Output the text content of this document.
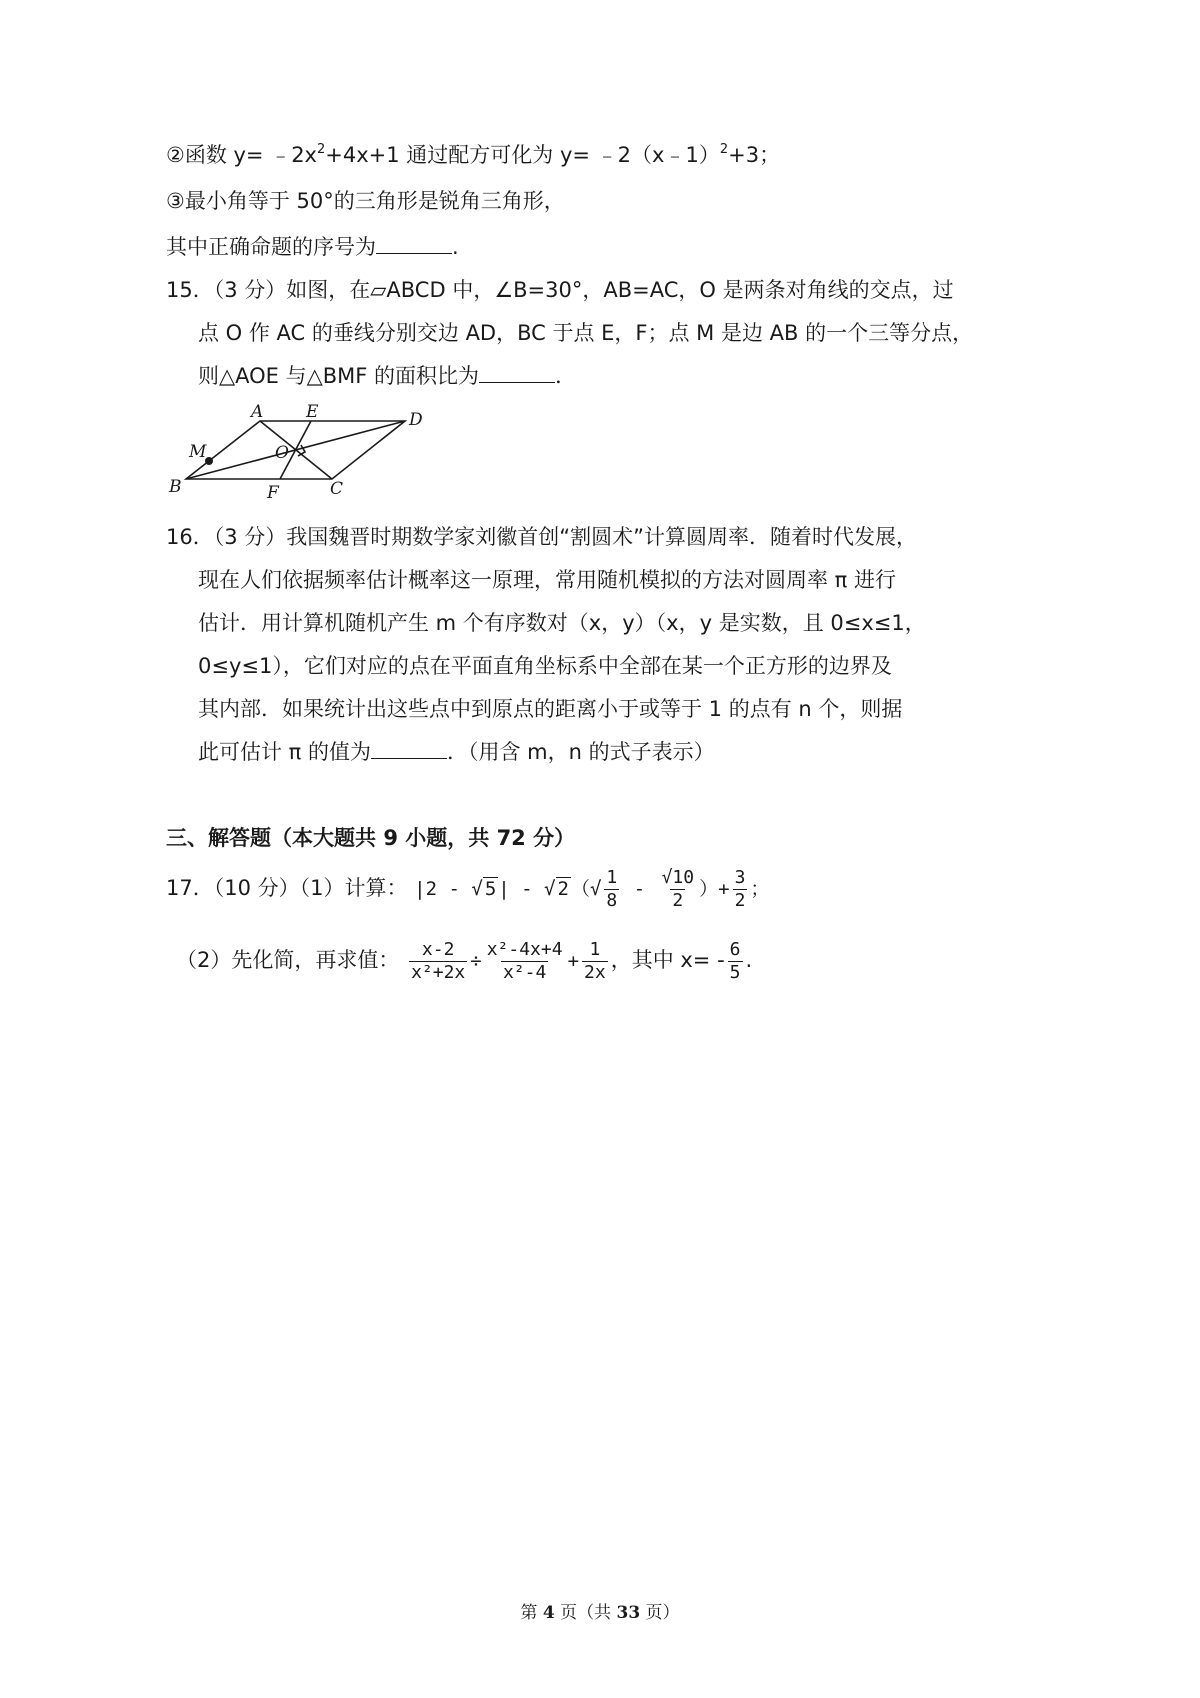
②函数 $y= ﹣2x^2+4x+1$ 通过配方可化为 y= ﹣2（x﹣1）$^2$+3；
③最小角等于 50°的三角形是锐角三角形，
其中正确命题的序号为	.
15．（3 分）如图，在▱ABCD 中，∠B=30°，AB=AC，O 是两条对角线的交点，过
点 O 作 AC 的垂线分别交边 AD，BC 于点 E，F；点 M 是边 AB 的一个三等分点，
则△AOE 与△BMF 的面积比为	．
A	E	D
M	O
B	F	C
16．（3 分）我国魏晋时期数学家刘徽首创“割圆术”计算圆周率．随着时代发展，
现在人们依据频率估计概率这一原理，常用随机模拟的方法对圆周率 π 进行
估计．用计算机随机产生 m 个有序数对（x，y）（x，y 是实数，且 0≤x≤1，
0≤y≤1），它们对应的点在平面直角坐标系中全部在某一个正方形的边界及
其内部．如果统计出这些点中到原点的距离小于或等于 1 的点有 n 个，则据
此可估计 π 的值为	．（用含 m，n 的式子表示）
三、解答题（本大题共 9 小题，共 72 分）
17．（10 分）（1）计算： |2 - √ 5 | - √ 2 （√ $\frac{1}{8} - \frac{√10}{2}$ ）+ $\frac{3}{2}$ ；
（2）先化简，再求值： $\frac{x-2}{\text{x²+2x}} \div \frac{\text{x²-4x+4}}{\text{x²-4}} + \frac{1}{2x}$ ，其中 $x= - \frac{6}{5}$ .
第 4 页（共 33 页）
